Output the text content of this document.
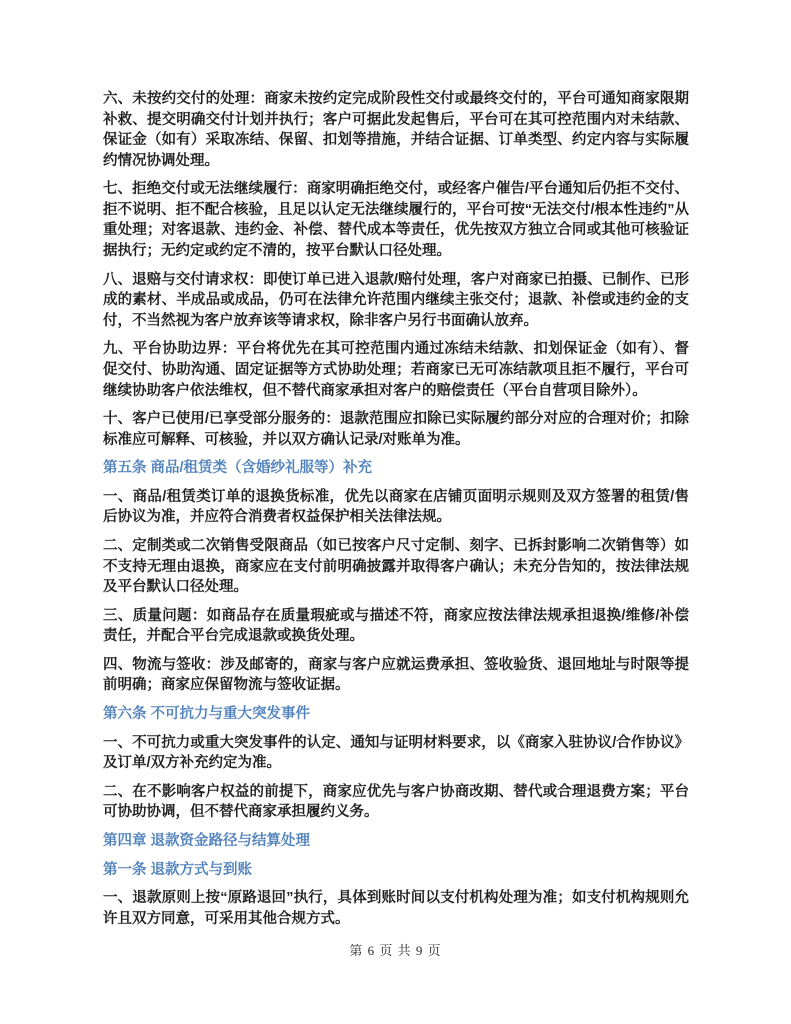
六、未按约交付的处理：商家未按约定完成阶段性交付或最终交付的，平台可通知商家限期补救、提交明确交付计划并执行；客户可据此发起售后，平台可在其可控范围内对未结款、保证金（如有）采取冻结、保留、扣划等措施，并结合证据、订单类型、约定内容与实际履约情况协调处理。

七、拒绝交付或无法继续履行：商家明确拒绝交付，或经客户催告/平台通知后仍拒不交付、拒不说明、拒不配合核验，且足以认定无法继续履行的，平台可按“无法交付/根本性违约”从重处理；对客退款、违约金、补偿、替代成本等责任，优先按双方独立合同或其他可核验证据执行；无约定或约定不清的，按平台默认口径处理。

八、退赔与交付请求权：即使订单已进入退款/赔付处理，客户对商家已拍摄、已制作、已形成的素材、半成品或成品，仍可在法律允许范围内继续主张交付；退款、补偿或违约金的支付，不当然视为客户放弃该等请求权，除非客户另行书面确认放弃。

九、平台协助边界：平台将优先在其可控范围内通过冻结未结款、扣划保证金（如有）、督促交付、协助沟通、固定证据等方式协助处理；若商家已无可冻结款项且拒不履行，平台可继续协助客户依法维权，但不替代商家承担对客户的赔偿责任（平台自营项目除外）。

十、客户已使用/已享受部分服务的：退款范围应扣除已实际履约部分对应的合理对价；扣除标准应可解释、可核验，并以双方确认记录/对账单为准。

第五条 商品/租赁类（含婚纱礼服等）补充

一、商品/租赁类订单的退换货标准，优先以商家在店铺页面明示规则及双方签署的租赁/售后协议为准，并应符合消费者权益保护相关法律法规。

二、定制类或二次销售受限商品（如已按客户尺寸定制、刻字、已拆封影响二次销售等）如不支持无理由退换，商家应在支付前明确披露并取得客户确认；未充分告知的，按法律法规及平台默认口径处理。

三、质量问题：如商品存在质量瑕疵或与描述不符，商家应按法律法规承担退换/维修/补偿责任，并配合平台完成退款或换货处理。

四、物流与签收：涉及邮寄的，商家与客户应就运费承担、签收验货、退回地址与时限等提前明确；商家应保留物流与签收证据。

第六条 不可抗力与重大突发事件

一、不可抗力或重大突发事件的认定、通知与证明材料要求，以《商家入驻协议/合作协议》及订单/双方补充约定为准。

二、在不影响客户权益的前提下，商家应优先与客户协商改期、替代或合理退费方案；平台可协助协调，但不替代商家承担履约义务。

第四章 退款资金路径与结算处理
第一条 退款方式与到账

一、退款原则上按“原路退回”执行，具体到账时间以支付机构处理为准；如支付机构规则允许且双方同意，可采用其他合规方式。

第 6 页 共 9 页
